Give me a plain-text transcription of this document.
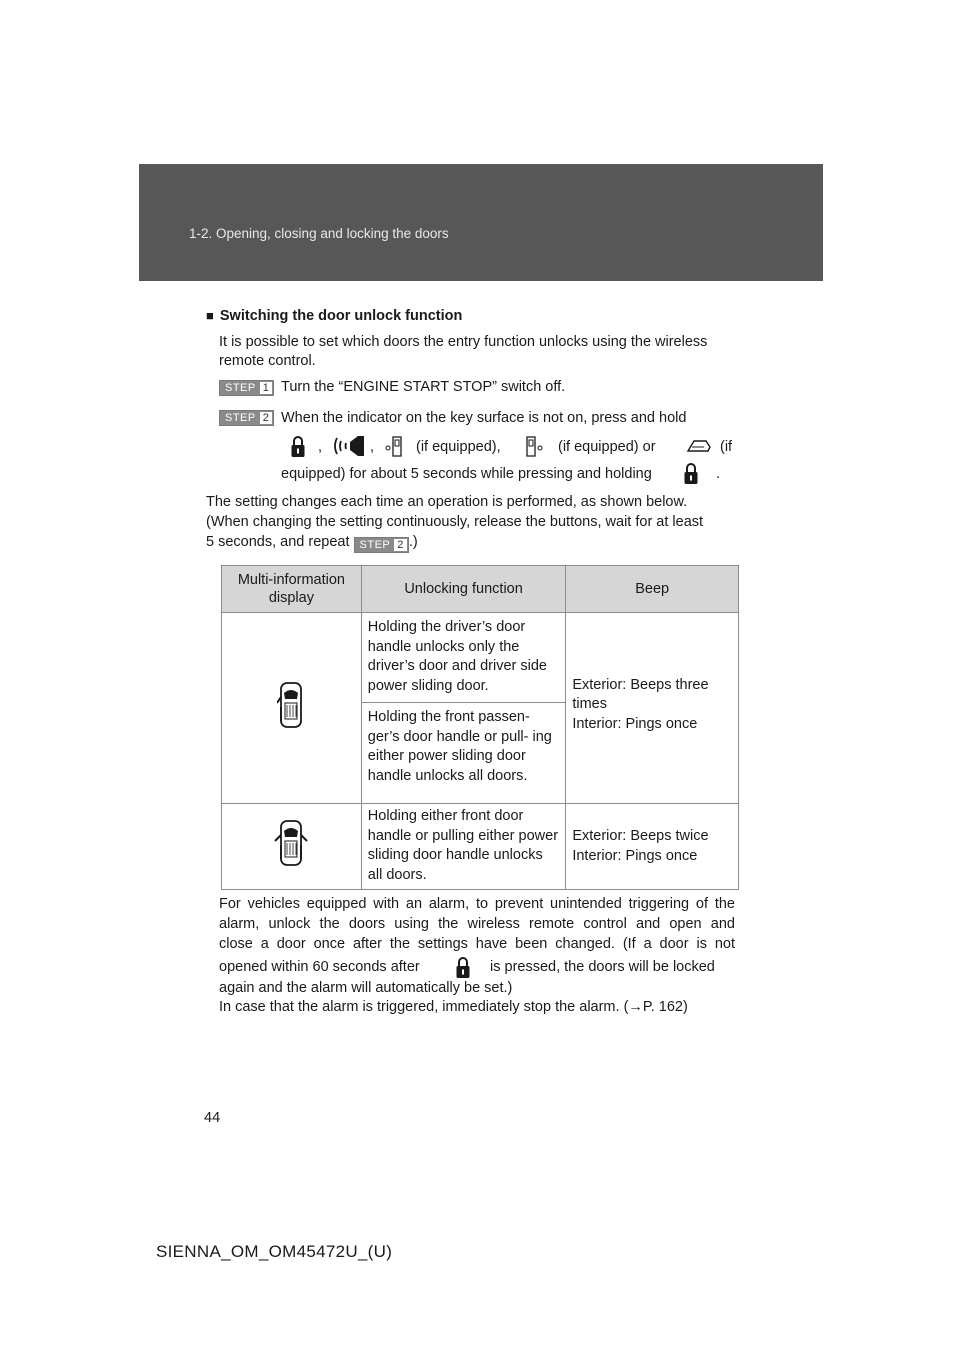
1-2. Opening, closing and locking the doors
■ Switching the door unlock function
It is possible to set which doors the entry function unlocks using the wireless
remote control.
STEP 1 Turn the “ENGINE START STOP” switch off.
STEP 2 When the indicator on the key surface is not on, press and hold
,	,	(if equipped),	(if equipped) or	(if
equipped) for about 5 seconds while pressing and holding	.
The setting changes each time an operation is performed, as shown below.
(When changing the setting continuously, release the buttons, wait for at least
5 seconds, and repeat STEP 2 .)
Multi-information display	Unlocking function	Beep
	Holding the driver’s door handle unlocks only the driver’s door and driver side power sliding door.	Exterior: Beeps three times
Interior: Pings once

	Holding the front passen- ger’s door handle or pull- ing either power sliding door handle unlocks all doors.	
	Holding either front door handle or pulling either power sliding door handle unlocks all doors.	Exterior: Beeps twice
Interior: Pings once
For vehicles equipped with an alarm, to prevent unintended triggering of the
alarm, unlock the doors using the wireless remote control and open and
close a door once after the settings have been changed. (If a door is not
opened within 60 seconds after	is pressed, the doors will be locked
again and the alarm will automatically be set.)
In case that the alarm is triggered, immediately stop the alarm. (→P. 162)
44
SIENNA_OM_OM45472U_(U)
